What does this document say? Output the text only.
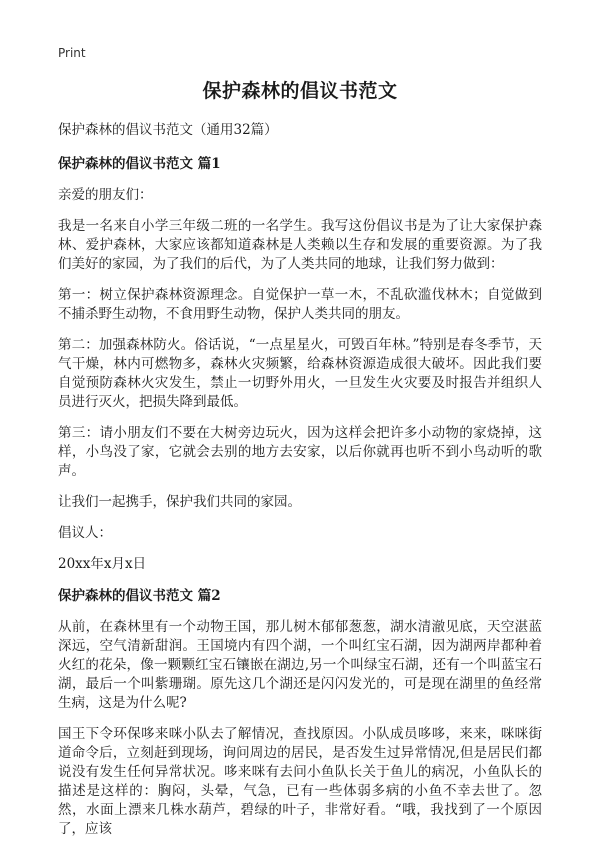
Print
保护森林的倡议书范文

保护森林的倡议书范文（通用32篇）

保护森林的倡议书范文 篇1

亲爱的朋友们：

我是一名来自小学三年级二班的一名学生。我写这份倡议书是为了让大家保护森林、爱护森林，大家应该都知道森林是人类赖以生存和发展的重要资源。为了我们美好的家园，为了我们的后代，为了人类共同的地球，让我们努力做到：

第一：树立保护森林资源理念。自觉保护一草一木，不乱砍滥伐林木；自觉做到不捕杀野生动物，不食用野生动物，保护人类共同的朋友。

第二：加强森林防火。俗话说，“一点星星火，可毁百年林。”特别是春冬季节，天气干燥，林内可燃物多，森林火灾频繁，给森林资源造成很大破坏。因此我们要自觉预防森林火灾发生，禁止一切野外用火，一旦发生火灾要及时报告并组织人员进行灭火，把损失降到最低。

第三：请小朋友们不要在大树旁边玩火，因为这样会把许多小动物的家烧掉，这样，小鸟没了家，它就会去别的地方去安家，以后你就再也听不到小鸟动听的歌声。

让我们一起携手，保护我们共同的家园。

倡议人：

20xx年x月x日

保护森林的倡议书范文 篇2

从前，在森林里有一个动物王国，那儿树木郁郁葱葱，湖水清澈见底，天空湛蓝深远，空气清新甜润。王国境内有四个湖，一个叫红宝石湖，因为湖两岸都种着火红的花朵，像一颗颗红宝石镶嵌在湖边,另一个叫绿宝石湖，还有一个叫蓝宝石湖，最后一个叫紫珊瑚。原先这几个湖还是闪闪发光的，可是现在湖里的鱼经常生病，这是为什么呢?

国王下令环保哆来咪小队去了解情况，查找原因。小队成员哆哆，来来，咪咪街道命令后，立刻赶到现场，询问周边的居民，是否发生过异常情况,但是居民们都说没有发生任何异常状况。哆来咪有去问小鱼队长关于鱼儿的病况，小鱼队长的描述是这样的：胸闷，头晕，气急，已有一些体弱多病的小鱼不幸去世了。忽然，水面上漂来几株水葫芦，碧绿的叶子，非常好看。“哦，我找到了一个原因了，应该
